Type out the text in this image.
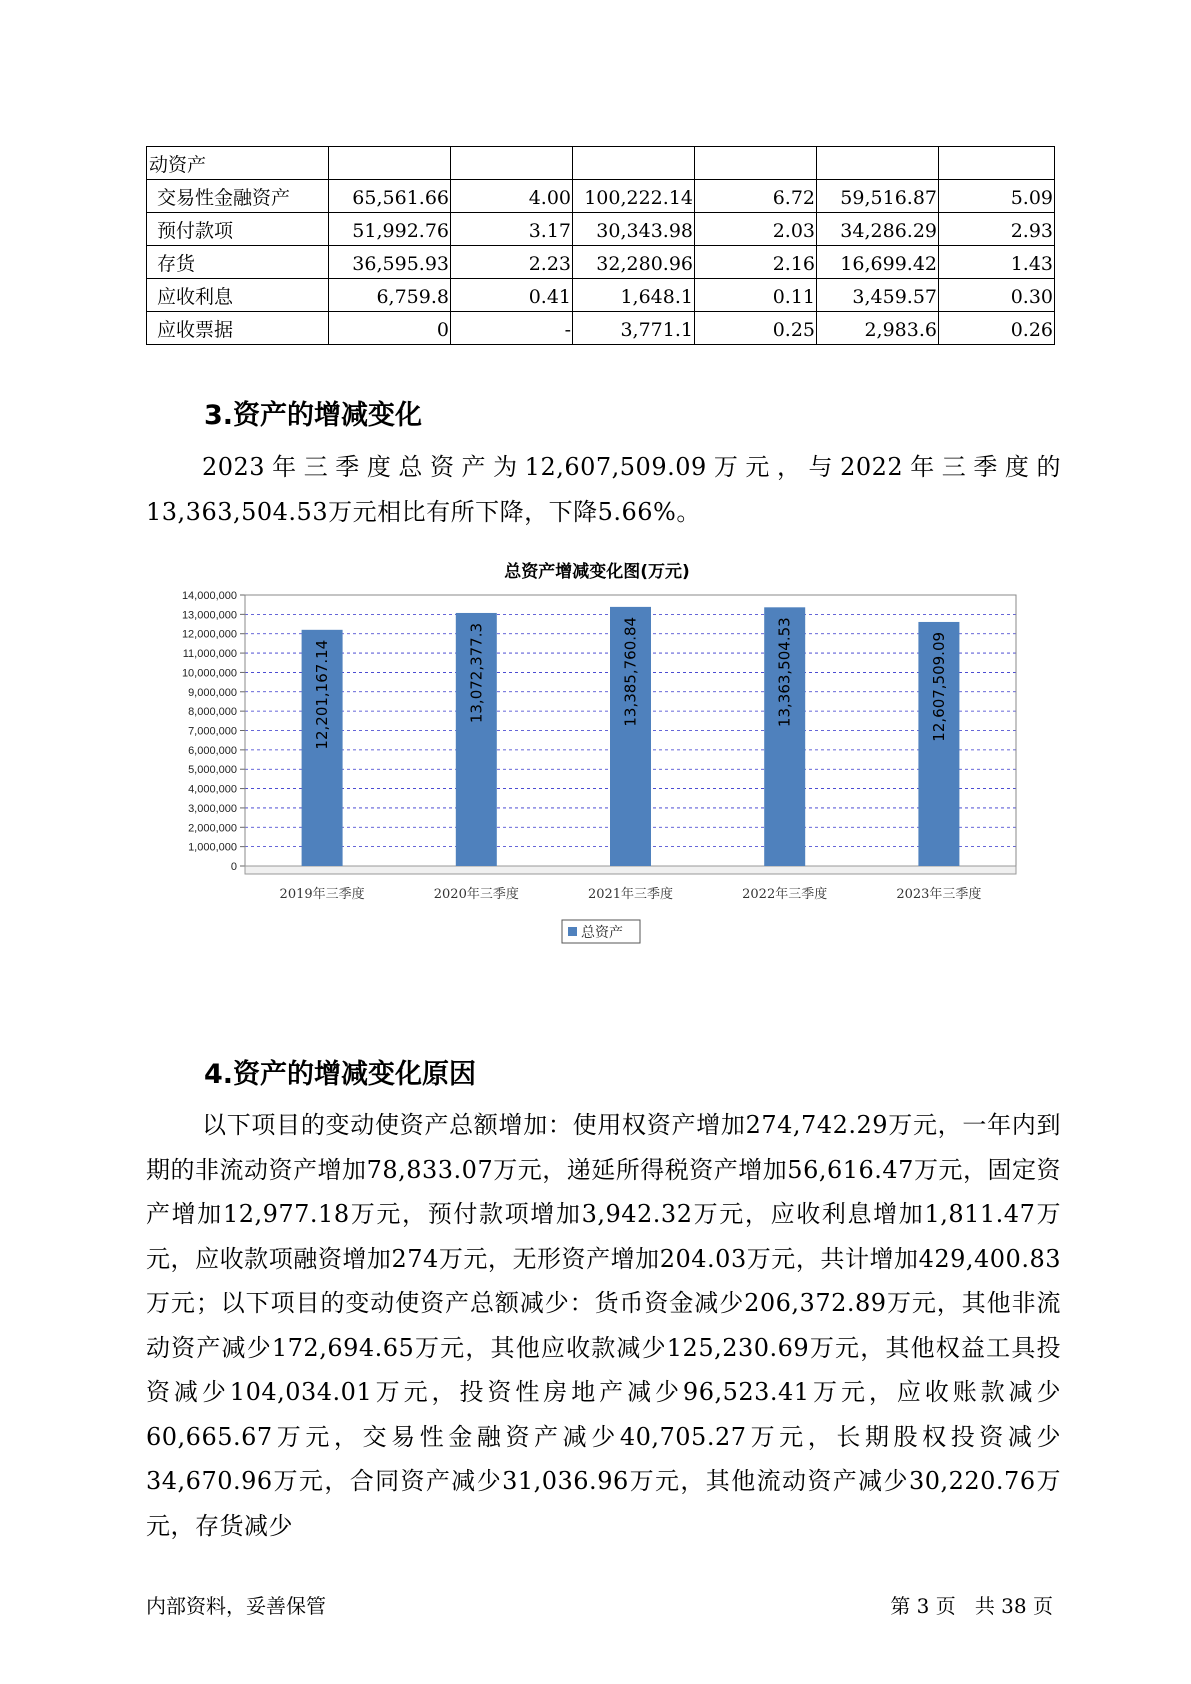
动资产						
交易性金融资产	65,561.66	4.00	100,222.14	6.72	59,516.87	5.09
预付款项	51,992.76	3.17	30,343.98	2.03	34,286.29	2.93
存货	36,595.93	2.23	32,280.96	2.16	16,699.42	1.43
应收利息	6,759.8	0.41	1,648.1	0.11	3,459.57	0.30
应收票据	0	-	3,771.1	0.25	2,983.6	0.26
3.资产的增减变化

2023年三季度总资产为12,607,509.09万元，与2022年三季度的13,363,504.53万元相比有所下降，下降5.66%。

总资产增减变化图(万元)
0
1,000,000
2,000,000
3,000,000
4,000,000
5,000,000
6,000,000
7,000,000
8,000,000
9,000,000
10,000,000
11,000,000
12,000,000
13,000,000
14,000,000
12,201,167.14	13,072,377.3	13,385,760.84	13,363,504.53	12,607,509.09
2019年三季度	2020年三季度	2021年三季度	2022年三季度	2023年三季度
总资产
4.资产的增减变化原因

以下项目的变动使资产总额增加：使用权资产增加274,742.29万元，一年内到期的非流动资产增加78,833.07万元，递延所得税资产增加56,616.47万元，固定资产增加12,977.18万元，预付款项增加3,942.32万元，应收利息增加1,811.47万元，应收款项融资增加274万元，无形资产增加204.03万元，共计增加429,400.83万元；以下项目的变动使资产总额减少：货币资金减少206,372.89万元，其他非流动资产减少172,694.65万元，其他应收款减少125,230.69万元，其他权益工具投资减少104,034.01万元，投资性房地产减少96,523.41万元，应收账款减少60,665.67万元，交易性金融资产减少40,705.27万元，长期股权投资减少34,670.96万元，合同资产减少31,036.96万元，其他流动资产减少30,220.76万元，存货减少

内部资料，妥善保管	第 3 页   共 38 页
